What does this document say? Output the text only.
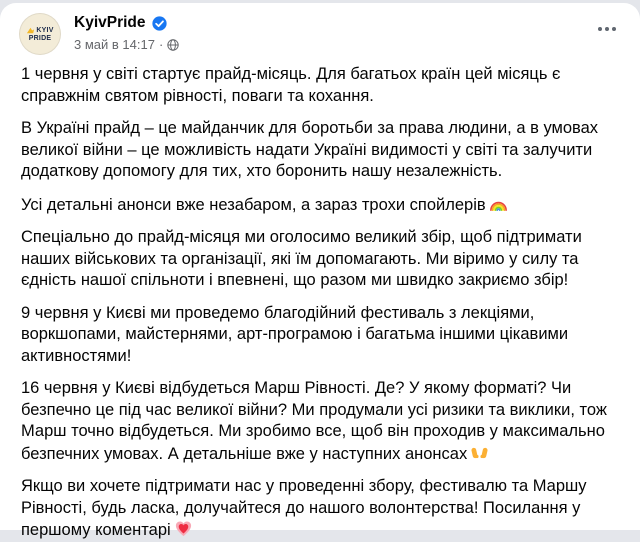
KYIV
PRIDE
KyivPride
3 май в 14:17 ·

1 червня у світі стартує прайд-місяць. Для багатьох країн цей місяць є справжнім святом рівності, поваги та кохання.

В Україні прайд – це майданчик для боротьби за права людини, а в умовах великої війни – це можливість надати Україні видимості у світі та залучити додаткову допомогу для тих, хто боронить нашу незалежність.

Усі детальні анонси вже незабаром, а зараз трохи спойлерів

Спеціально до прайд-місяця ми оголосимо великий збір, щоб підтримати наших військових та організації, які їм допомагають. Ми віримо у силу та єдність нашої спільноти і впевнені, що разом ми швидко закриємо збір!

9 червня у Києві ми проведемо благодійний фестиваль з лекціями, воркшопами, майстернями, арт-програмою і багатьма іншими цікавими активностями!

16 червня у Києві відбудеться Марш Рівності. Де? У якому форматі? Чи безпечно це під час великої війни? Ми продумали усі ризики та виклики, тож Марш точно відбудеться. Ми зробимо все, щоб він проходив у максимально безпечних умовах. А детальніше вже у наступних анонсах

Якщо ви хочете підтримати нас у проведенні збору, фестивалю та Маршу Рівності, будь ласка, долучайтеся до нашого волонтерства! Посилання у першому коментарі
